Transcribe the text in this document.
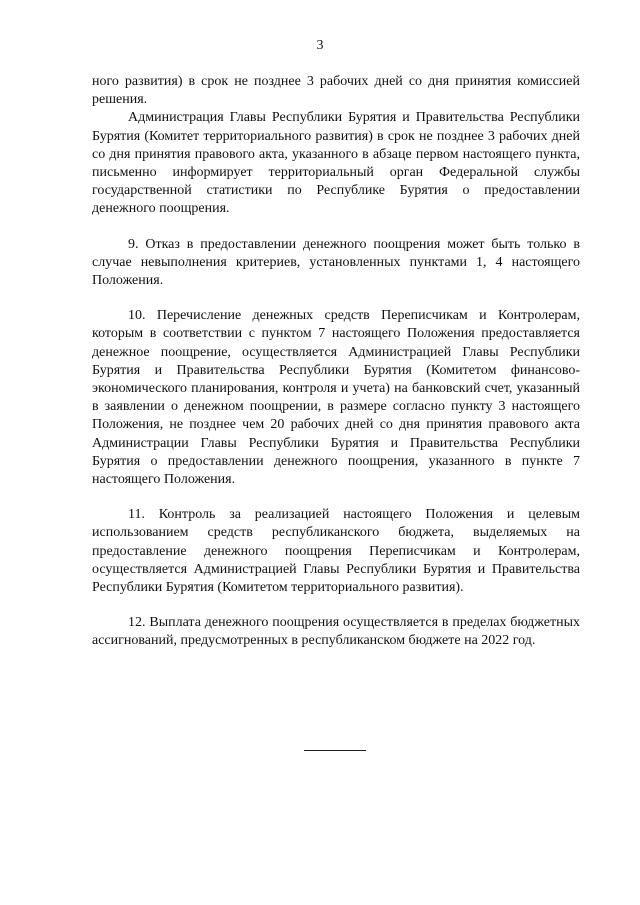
3

ного развития) в срок не позднее 3 рабочих дней со дня принятия комиссией решения.

Администрация Главы Республики Бурятия и Правительства Республики Бурятия (Комитет территориального развития) в срок не позднее 3 рабочих дней со дня принятия правового акта, указанного в абзаце первом настоящего пункта, письменно информирует территориальный орган Федеральной службы государственной статистики по Республике Бурятия о предоставлении денежного поощрения.

9. Отказ в предоставлении денежного поощрения может быть только в случае невыполнения критериев, установленных пунктами 1, 4 настоящего Положения.

10. Перечисление денежных средств Переписчикам и Контролерам, которым в соответствии с пунктом 7 настоящего Положения предоставляется денежное поощрение, осуществляется Администрацией Главы Республики Бурятия и Правительства Республики Бурятия (Комитетом финансово-экономического планирования, контроля и учета) на банковский счет, указанный в заявлении о денежном поощрении, в размере согласно пункту 3 настоящего Положения, не позднее чем 20 рабочих дней со дня принятия правового акта Администрации Главы Республики Бурятия и Правительства Республики Бурятия о предоставлении денежного поощрения, указанного в пункте 7 настоящего Положения.

11. Контроль за реализацией настоящего Положения и целевым использованием средств республиканского бюджета, выделяемых на предоставление денежного поощрения Переписчикам и Контролерам, осуществляется Администрацией Главы Республики Бурятия и Правительства Республики Бурятия (Комитетом территориального развития).

12. Выплата денежного поощрения осуществляется в пределах бюджетных ассигнований, предусмотренных в республиканском бюджете на 2022 год.
